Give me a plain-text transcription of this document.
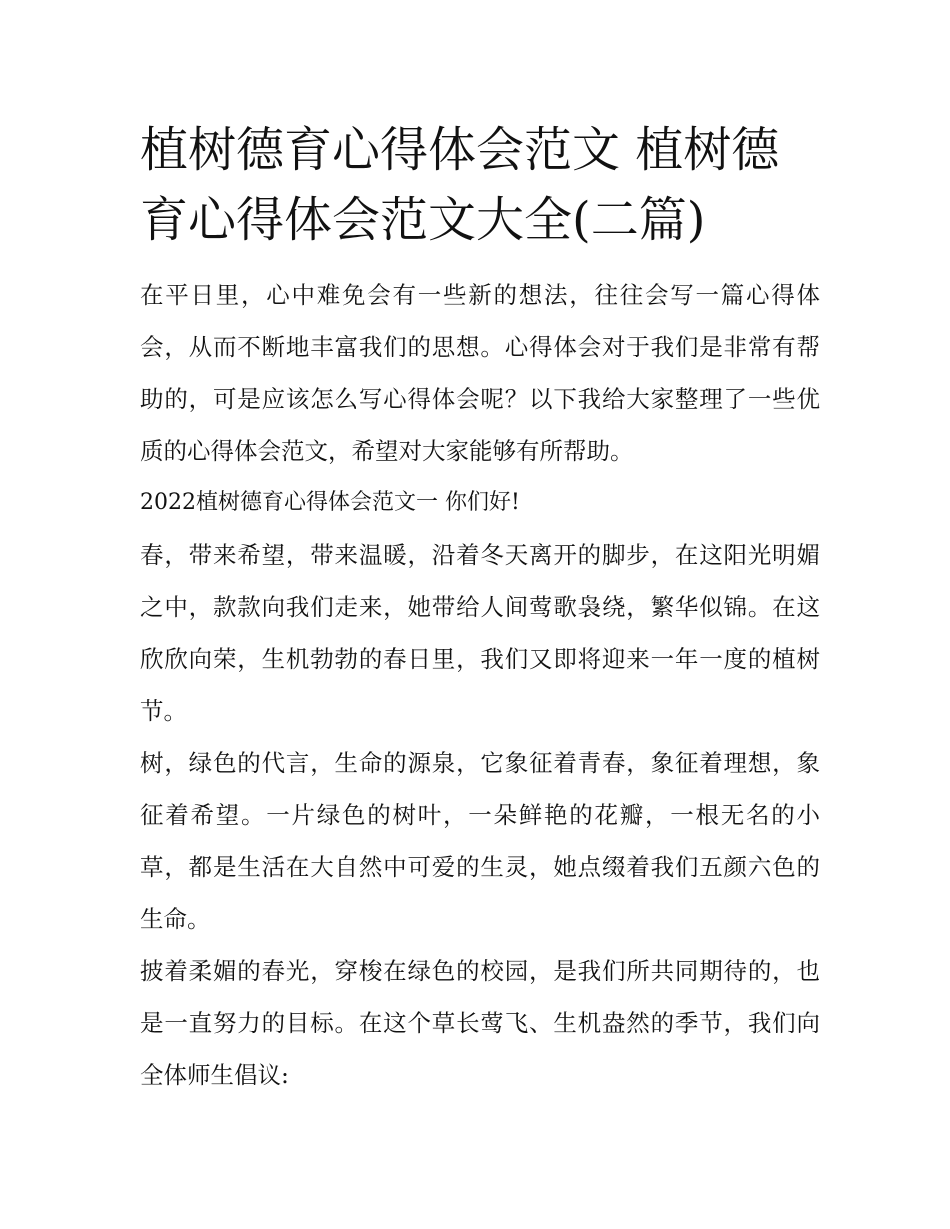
植树德育心得体会范文 植树德育心得体会范文大全(二篇)

在平日里，心中难免会有一些新的想法，往往会写一篇心得体会，从而不断地丰富我们的思想。心得体会对于我们是非常有帮助的，可是应该怎么写心得体会呢？以下我给大家整理了一些优质的心得体会范文，希望对大家能够有所帮助。

2022植树德育心得体会范文一 你们好!

春，带来希望，带来温暖，沿着冬天离开的脚步，在这阳光明媚之中，款款向我们走来，她带给人间莺歌袅绕，繁华似锦。在这欣欣向荣，生机勃勃的春日里，我们又即将迎来一年一度的植树节。

树，绿色的代言，生命的源泉，它象征着青春，象征着理想，象征着希望。一片绿色的树叶，一朵鲜艳的花瓣，一根无名的小草，都是生活在大自然中可爱的生灵，她点缀着我们五颜六色的生命。

披着柔媚的春光，穿梭在绿色的校园，是我们所共同期待的，也是一直努力的目标。在这个草长莺飞、生机盎然的季节，我们向全体师生倡议:
